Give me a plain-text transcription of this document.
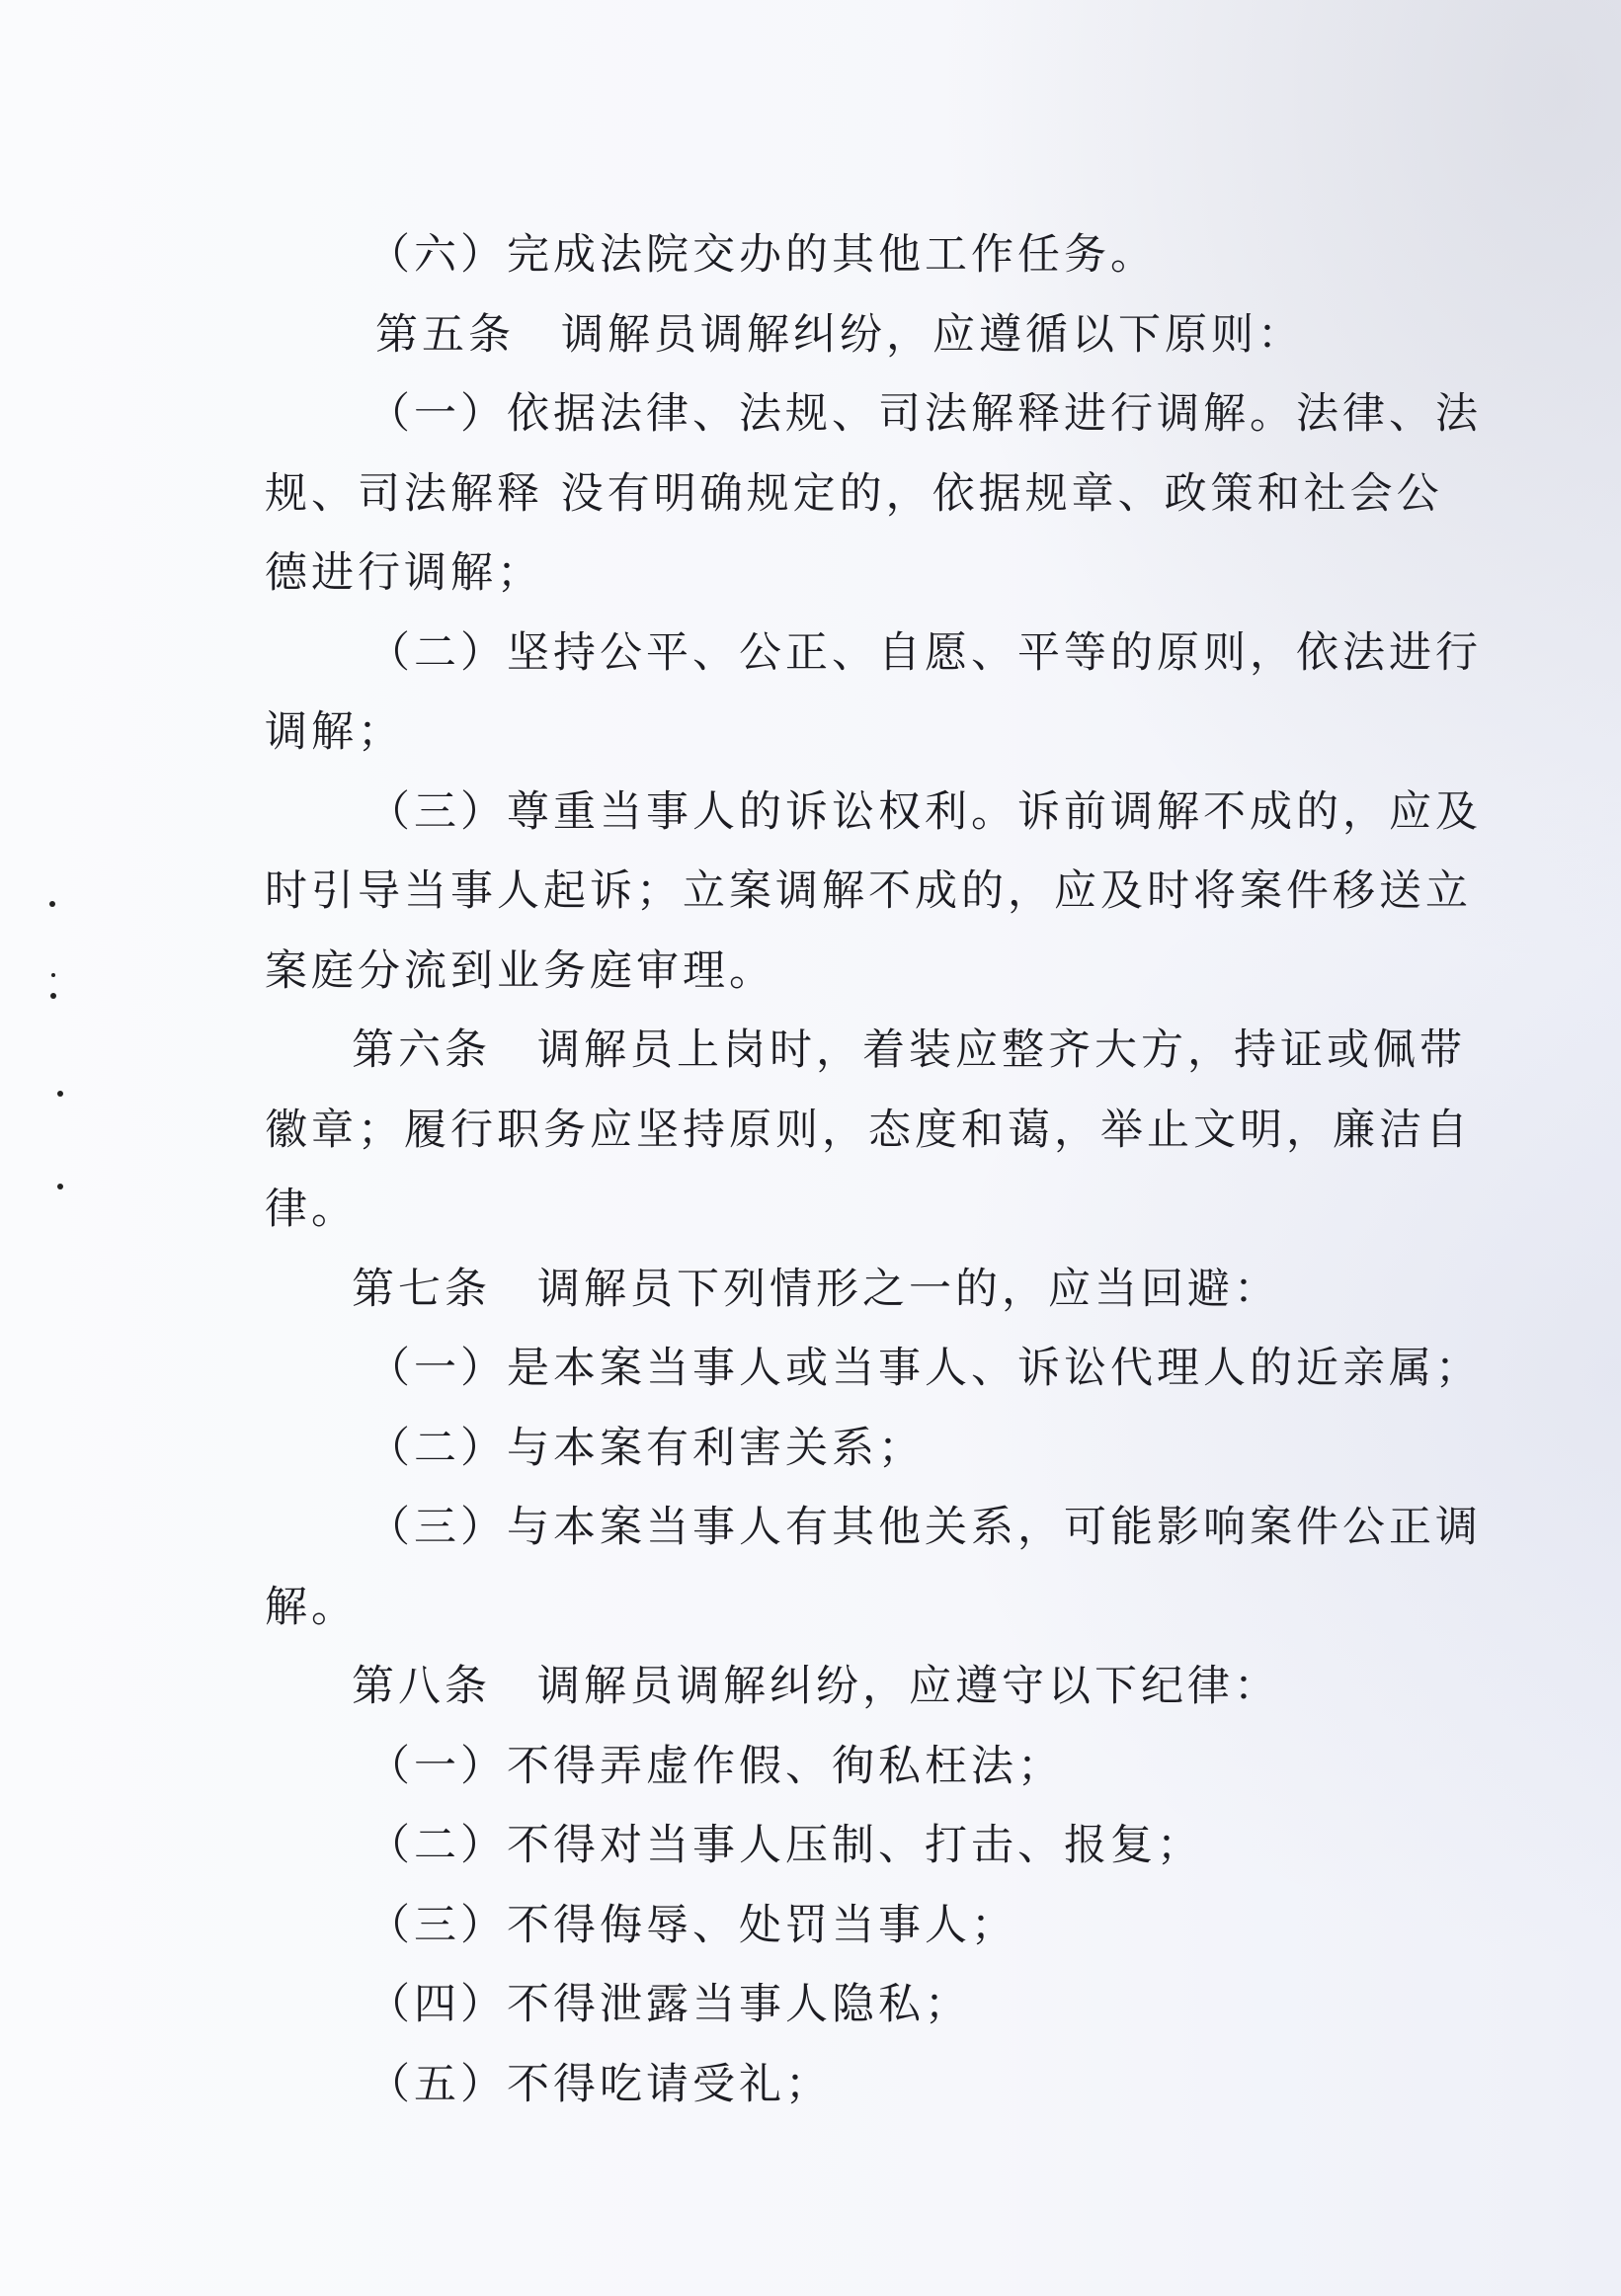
（六）完成法院交办的其他工作任务。
第五条　调解员调解纠纷，应遵循以下原则：
（一）依据法律、法规、司法解释进行调解。法律、法
规、司法解释 没有明确规定的，依据规章、政策和社会公
德进行调解；
（二）坚持公平、公正、自愿、平等的原则，依法进行
调解；
（三）尊重当事人的诉讼权利。诉前调解不成的，应及
时引导当事人起诉；立案调解不成的，应及时将案件移送立
案庭分流到业务庭审理。
第六条　调解员上岗时，着装应整齐大方，持证或佩带
徽章；履行职务应坚持原则，态度和蔼，举止文明，廉洁自
律。
第七条　调解员下列情形之一的，应当回避：
（一）是本案当事人或当事人、诉讼代理人的近亲属；
（二）与本案有利害关系；
（三）与本案当事人有其他关系，可能影响案件公正调
解。
第八条　调解员调解纠纷，应遵守以下纪律：
（一）不得弄虚作假、徇私枉法；
（二）不得对当事人压制、打击、报复；
（三）不得侮辱、处罚当事人；
（四）不得泄露当事人隐私；
（五）不得吃请受礼；
